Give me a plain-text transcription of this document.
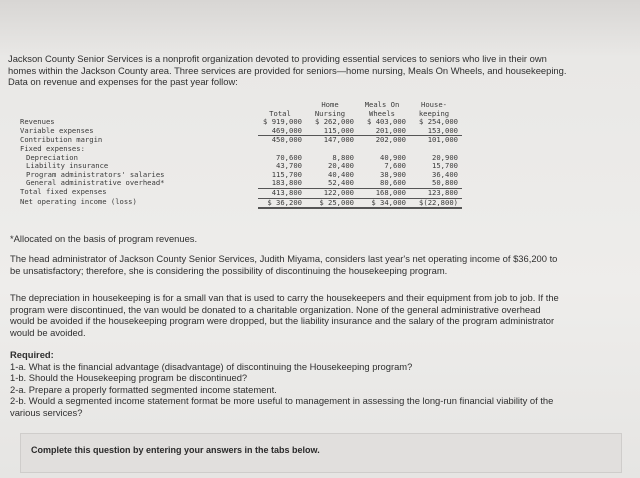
Jackson County Senior Services is a nonprofit organization devoted to providing essential services to seniors who live in their own

homes within the Jackson County area. Three services are provided for seniors—home nursing, Meals On Wheels, and housekeeping.

Data on revenue and expenses for the past year follow:

		Home	Meals On	House-
	Total	Nursing	Wheels	keeping
Revenues	$ 919,000	$ 262,000	$ 403,000	$ 254,000
Variable expenses	469,000	115,000	201,000	153,000
Contribution margin	450,000	147,000	202,000	101,000
Fixed expenses:				
Depreciation	70,600	8,800	40,900	20,900
Liability insurance	43,700	20,400	7,600	15,700
Program administrators' salaries	115,700	40,400	38,900	36,400
General administrative overhead*	183,800	52,400	80,600	50,800
Total fixed expenses	413,800	122,000	168,000	123,800
Net operating income (loss)	$ 36,200	$ 25,000	$ 34,000	$(22,800)
*Allocated on the basis of program revenues.
The head administrator of Jackson County Senior Services, Judith Miyama, considers last year's net operating income of $36,200 to
be unsatisfactory; therefore, she is considering the possibility of discontinuing the housekeeping program.
The depreciation in housekeeping is for a small van that is used to carry the housekeepers and their equipment from job to job. If the
program were discontinued, the van would be donated to a charitable organization. None of the general administrative overhead
would be avoided if the housekeeping program were dropped, but the liability insurance and the salary of the program administrator
would be avoided.

Required:

1-a. What is the financial advantage (disadvantage) of discontinuing the Housekeeping program?

1-b. Should the Housekeeping program be discontinued?

2-a. Prepare a properly formatted segmented income statement.

2-b. Would a segmented income statement format be more useful to management in assessing the long-run financial viability of the

various services?

Complete this question by entering your answers in the tabs below.
